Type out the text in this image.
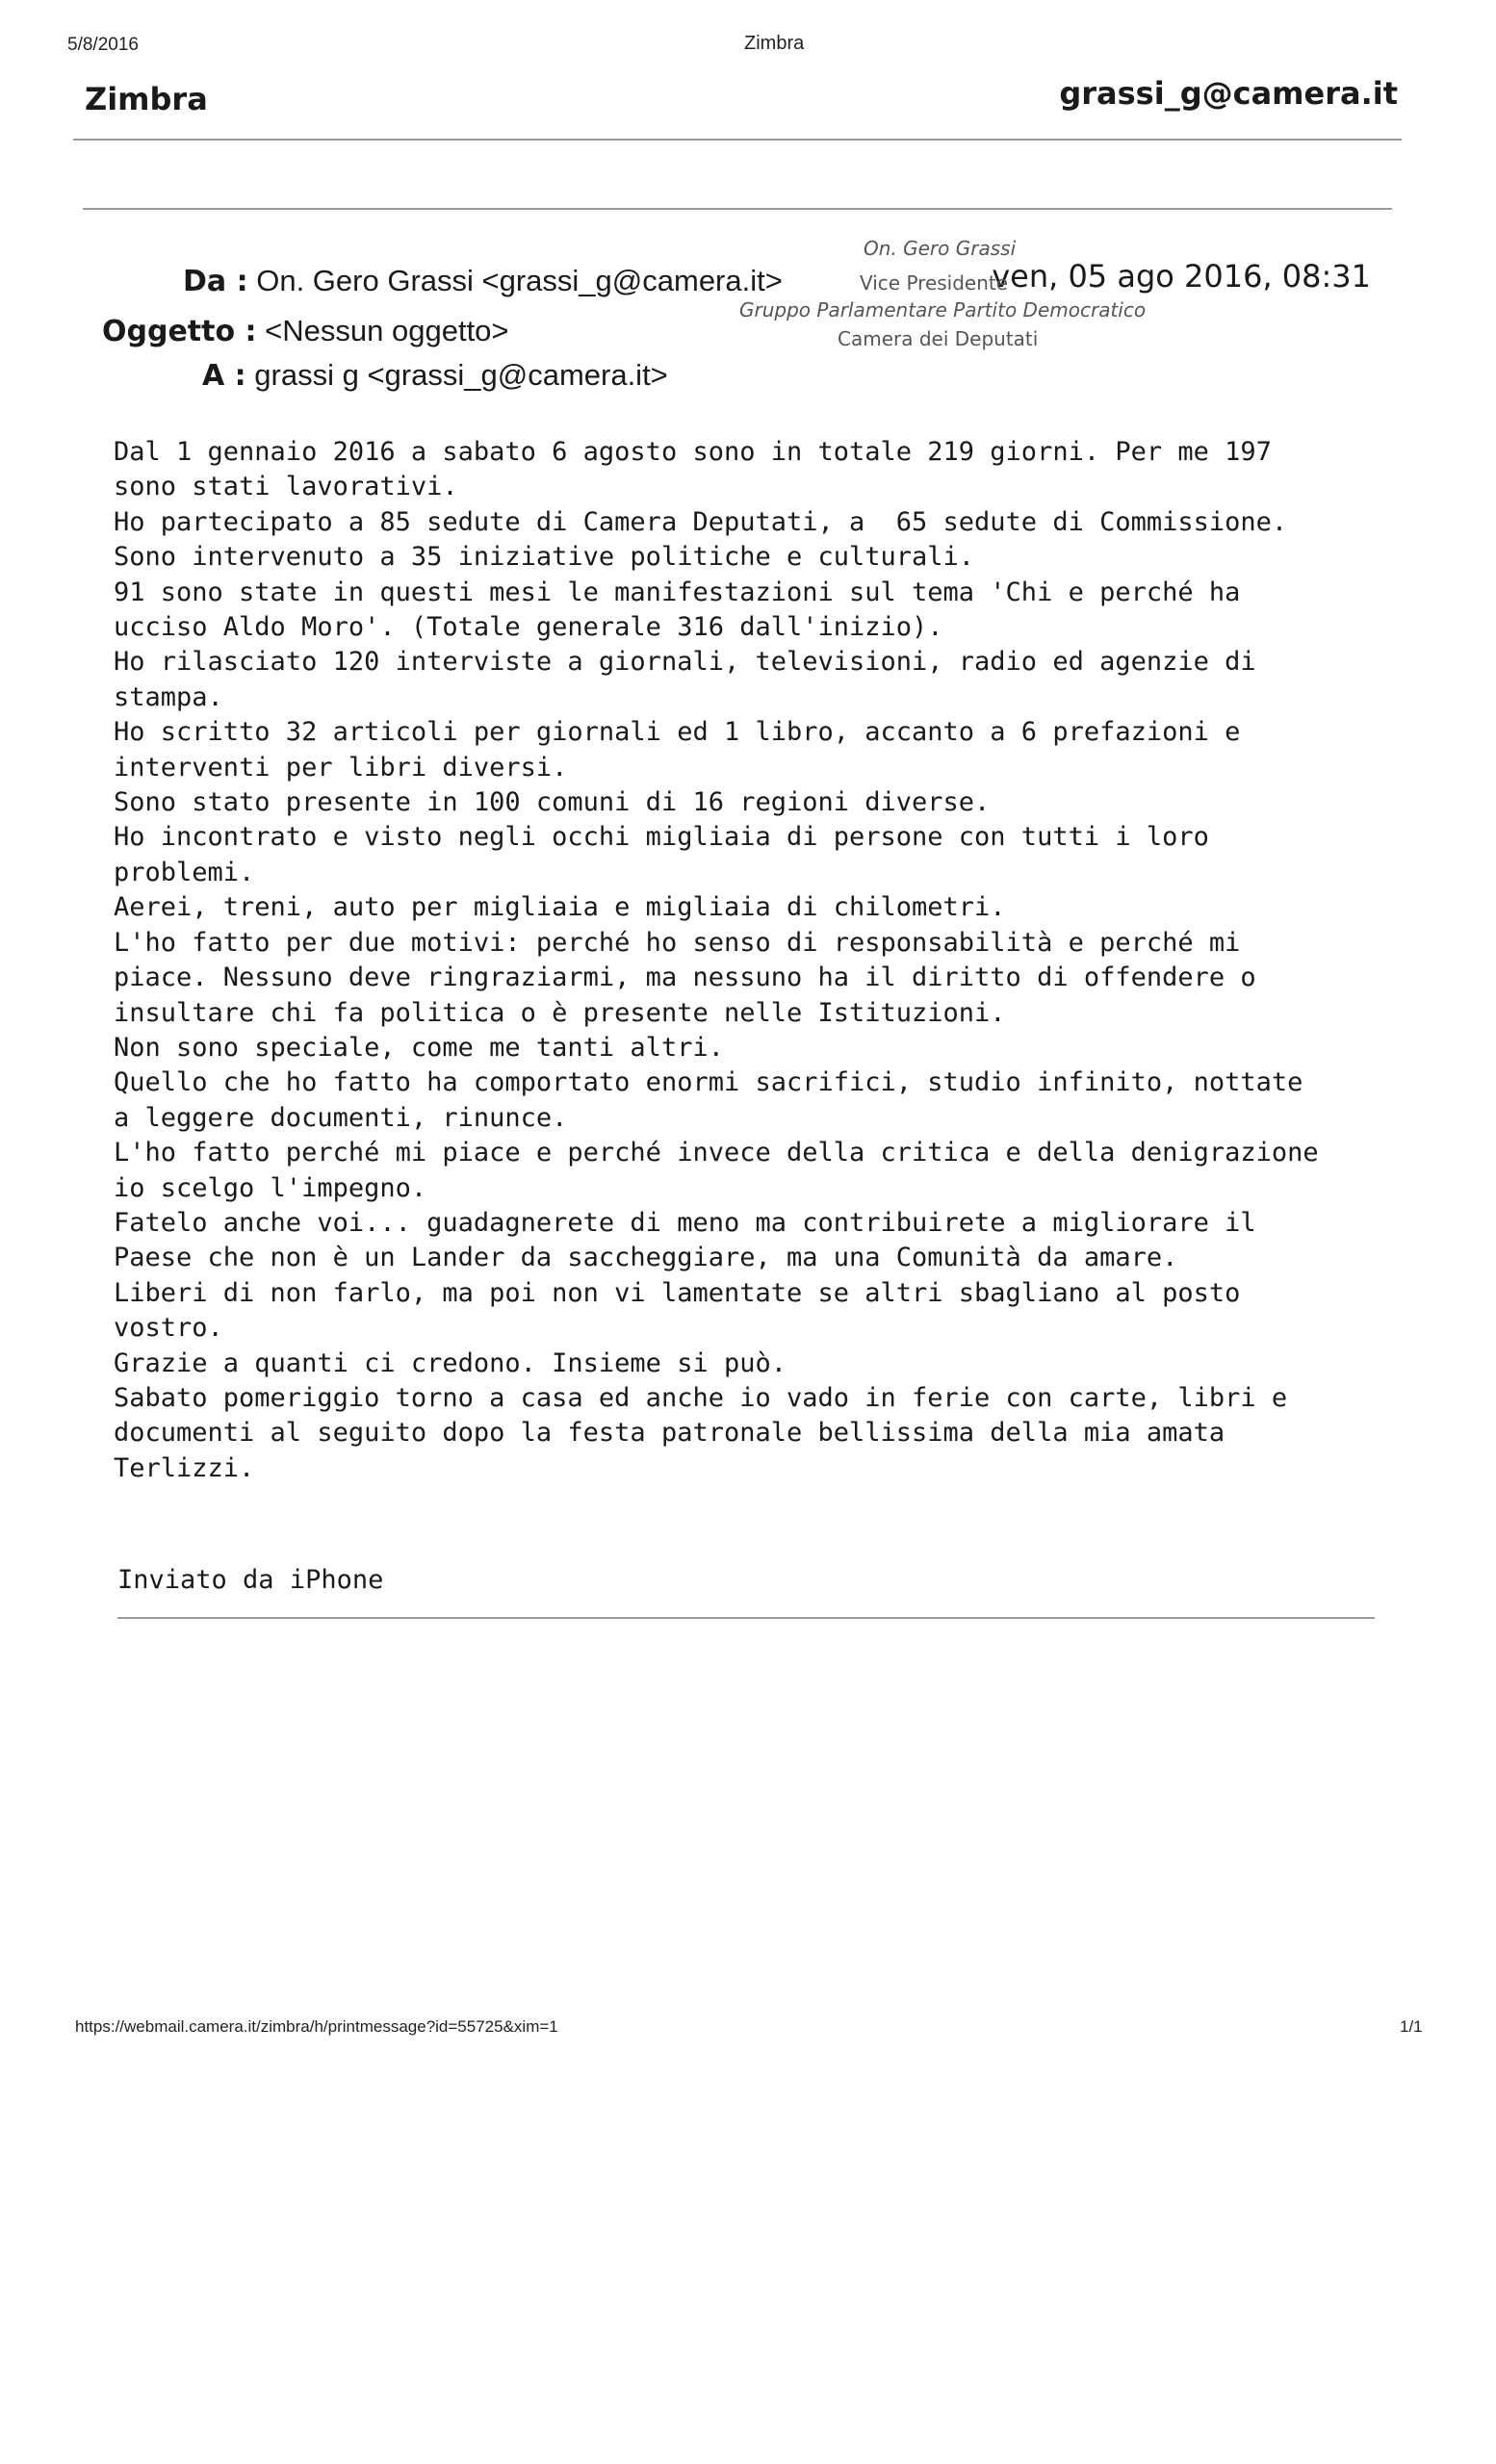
5/8/2016	Zimbra
Zimbra	grassi_g@camera.it
Da : On. Gero Grassi <grassi_g@camera.it>
Oggetto : <Nessun oggetto>
A : grassi g <grassi_g@camera.it>
ven, 05 ago 2016, 08:31
On. Gero Grassi
Vice Presidente
Gruppo Parlamentare Partito Democratico
Camera dei Deputati
Dal 1 gennaio 2016 a sabato 6 agosto sono in totale 219 giorni. Per me 197
sono stati lavorativi.
Ho partecipato a 85 sedute di Camera Deputati, a  65 sedute di Commissione.
Sono intervenuto a 35 iniziative politiche e culturali.
91 sono state in questi mesi le manifestazioni sul tema 'Chi e perché ha
ucciso Aldo Moro'. (Totale generale 316 dall'inizio).
Ho rilasciato 120 interviste a giornali, televisioni, radio ed agenzie di
stampa.
Ho scritto 32 articoli per giornali ed 1 libro, accanto a 6 prefazioni e
interventi per libri diversi.
Sono stato presente in 100 comuni di 16 regioni diverse.
Ho incontrato e visto negli occhi migliaia di persone con tutti i loro
problemi.
Aerei, treni, auto per migliaia e migliaia di chilometri.
L'ho fatto per due motivi: perché ho senso di responsabilità e perché mi
piace. Nessuno deve ringraziarmi, ma nessuno ha il diritto di offendere o
insultare chi fa politica o è presente nelle Istituzioni.
Non sono speciale, come me tanti altri.
Quello che ho fatto ha comportato enormi sacrifici, studio infinito, nottate
a leggere documenti, rinunce.
L'ho fatto perché mi piace e perché invece della critica e della denigrazione
io scelgo l'impegno.
Fatelo anche voi... guadagnerete di meno ma contribuirete a migliorare il
Paese che non è un Lander da saccheggiare, ma una Comunità da amare.
Liberi di non farlo, ma poi non vi lamentate se altri sbagliano al posto
vostro.
Grazie a quanti ci credono. Insieme si può.
Sabato pomeriggio torno a casa ed anche io vado in ferie con carte, libri e
documenti al seguito dopo la festa patronale bellissima della mia amata
Terlizzi.
Inviato da iPhone
https://webmail.camera.it/zimbra/h/printmessage?id=55725&xim=1	1/1
